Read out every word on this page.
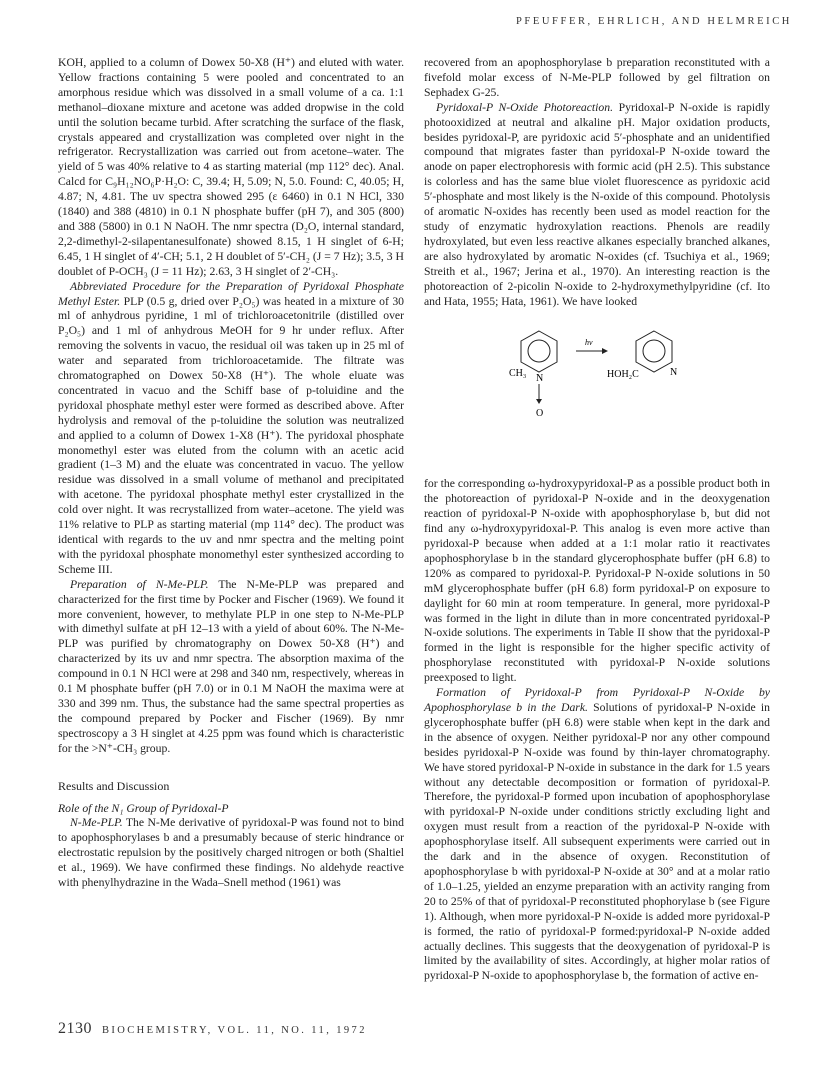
PFEUFFER, EHRLICH, AND HELMREICH

KOH, applied to a column of Dowex 50-X8 (H⁺) and eluted with water. Yellow fractions containing 5 were pooled and concentrated to an amorphous residue which was dissolved in a small volume of a ca. 1:1 methanol–dioxane mixture and acetone was added dropwise in the cold until the solution became turbid. After scratching the surface of the flask, crystals appeared and crystallization was completed over night in the refrigerator. Recrystallization was carried out from acetone–water. The yield of 5 was 40% relative to 4 as starting material (mp 112° dec). Anal. Calcd for C₉H₁₂NO₆P·H₂O: C, 39.4; H, 5.09; N, 5.0. Found: C, 40.05; H, 4.87; N, 4.81. The uv spectra showed 295 (ε 6460) in 0.1 N HCl, 330 (1840) and 388 (4810) in 0.1 N phosphate buffer (pH 7), and 305 (800) and 388 (5800) in 0.1 N NaOH. The nmr spectra (D₂O, internal standard, 2,2-dimethyl-2-silapentanesulfonate) showed 8.15, 1 H singlet of 6-H; 6.45, 1 H singlet of 4′-CH; 5.1, 2 H doublet of 5′-CH₂ (J = 7 Hz); 3.5, 3 H doublet of P-OCH₃ (J = 11 Hz); 2.63, 3 H singlet of 2′-CH₃.

Abbreviated Procedure for the Preparation of Pyridoxal Phosphate Methyl Ester. PLP (0.5 g, dried over P₂O₅) was heated in a mixture of 30 ml of anhydrous pyridine, 1 ml of trichloroacetonitrile (distilled over P₂O₅) and 1 ml of anhydrous MeOH for 9 hr under reflux. After removing the solvents in vacuo, the residual oil was taken up in 25 ml of water and separated from trichloroacetamide. The filtrate was chromatographed on Dowex 50-X8 (H⁺). The whole eluate was concentrated in vacuo and the Schiff base of p-toluidine and the pyridoxal phosphate methyl ester were formed as described above. After hydrolysis and removal of the p-toluidine the solution was neutralized and applied to a column of Dowex 1-X8 (H⁺). The pyridoxal phosphate monomethyl ester was eluted from the column with an acetic acid gradient (1–3 M) and the eluate was concentrated in vacuo. The yellow residue was dissolved in a small volume of methanol and precipitated with acetone. The pyridoxal phosphate methyl ester crystallized in the cold over night. It was recrystallized from water–acetone. The yield was 11% relative to PLP as starting material (mp 114° dec). The product was identical with regards to the uv and nmr spectra and the melting point with the pyridoxal phosphate monomethyl ester synthesized according to Scheme III.

Preparation of N-Me-PLP. The N-Me-PLP was prepared and characterized for the first time by Pocker and Fischer (1969). We found it more convenient, however, to methylate PLP in one step to N-Me-PLP with dimethyl sulfate at pH 12–13 with a yield of about 60%. The N-Me-PLP was purified by chromatography on Dowex 50-X8 (H⁺) and characterized by its uv and nmr spectra. The absorption maxima of the compound in 0.1 N HCl were at 298 and 340 nm, respectively, whereas in 0.1 M phosphate buffer (pH 7.0) or in 0.1 M NaOH the maxima were at 330 and 399 nm. Thus, the substance had the same spectral properties as the compound prepared by Pocker and Fischer (1969). By nmr spectroscopy a 3 H singlet at 4.25 ppm was found which is characteristic for the >N⁺-CH₃ group.

Results and Discussion

Role of the N₁ Group of Pyridoxal-P

N-Me-PLP. The N-Me derivative of pyridoxal-P was found not to bind to apophosphorylases b and a presumably because of steric hindrance or electrostatic repulsion by the positively charged nitrogen or both (Shaltiel et al., 1969). We have confirmed these findings. No aldehyde reactive with phenylhydrazine in the Wada–Snell method (1961) was

recovered from an apophosphorylase b preparation reconstituted with a fivefold molar excess of N-Me-PLP followed by gel filtration on Sephadex G-25.

Pyridoxal-P N-Oxide Photoreaction. Pyridoxal-P N-oxide is rapidly photooxidized at neutral and alkaline pH. Major oxidation products, besides pyridoxal-P, are pyridoxic acid 5′-phosphate and an unidentified compound that migrates faster than pyridoxal-P N-oxide toward the anode on paper electrophoresis with formic acid (pH 2.5). This substance is colorless and has the same blue violet fluorescence as pyridoxic acid 5′-phosphate and most likely is the N-oxide of this compound. Photolysis of aromatic N-oxides has recently been used as model reaction for the study of enzymatic hydroxylation reactions. Phenols are readily hydroxylated, but even less reactive alkanes especially branched alkanes, are also hydroxylated by aromatic N-oxides (cf. Tsuchiya et al., 1969; Streith et al., 1967; Jerina et al., 1970). An interesting reaction is the photoreaction of 2-picolin N-oxide to 2-hydroxymethylpyridine (cf. Ito and Hata, 1955; Hata, 1961). We have looked

CH₃ N
O
hν
HOH₂C	N

for the corresponding ω-hydroxypyridoxal-P as a possible product both in the photoreaction of pyridoxal-P N-oxide and in the deoxygenation reaction of pyridoxal-P N-oxide with apophosphorylase b, but did not find any ω-hydroxypyridoxal-P. This analog is even more active than pyridoxal-P because when added at a 1:1 molar ratio it reactivates apophosphorylase b in the standard glycerophosphate buffer (pH 6.8) to 120% as compared to pyridoxal-P. Pyridoxal-P N-oxide solutions in 50 mM glycerophosphate buffer (pH 6.8) form pyridoxal-P on exposure to daylight for 60 min at room temperature. In general, more pyridoxal-P was formed in the light in dilute than in more concentrated pyridoxal-P N-oxide solutions. The experiments in Table II show that the pyridoxal-P formed in the light is responsible for the higher specific activity of phosphorylase reconstituted with pyridoxal-P N-oxide solutions preexposed to light.

Formation of Pyridoxal-P from Pyridoxal-P N-Oxide by Apophosphorylase b in the Dark. Solutions of pyridoxal-P N-oxide in glycerophosphate buffer (pH 6.8) were stable when kept in the dark and in the absence of oxygen. Neither pyridoxal-P nor any other compound besides pyridoxal-P N-oxide was found by thin-layer chromatography. We have stored pyridoxal-P N-oxide in substance in the dark for 1.5 years without any detectable decomposition or formation of pyridoxal-P. Therefore, the pyridoxal-P formed upon incubation of apophosphorylase with pyridoxal-P N-oxide under conditions strictly excluding light and oxygen must result from a reaction of the pyridoxal-P N-oxide with apophosphorylase itself. All subsequent experiments were carried out in the dark and in the absence of oxygen. Reconstitution of apophosphorylase b with pyridoxal-P N-oxide at 30° and at a molar ratio of 1.0–1.25, yielded an enzyme preparation with an activity ranging from 20 to 25% of that of pyridoxal-P reconstituted phophorylase b (see Figure 1). Although, when more pyridoxal-P N-oxide is added more pyridoxal-P is formed, the ratio of pyridoxal-P formed:pyridoxal-P N-oxide added actually declines. This suggests that the deoxygenation of pyridoxal-P is limited by the availability of sites. Accordingly, at higher molar ratios of pyridoxal-P N-oxide to apophosphorylase b, the formation of active en-

2130 BIOCHEMISTRY, VOL. 11, NO. 11, 1972
